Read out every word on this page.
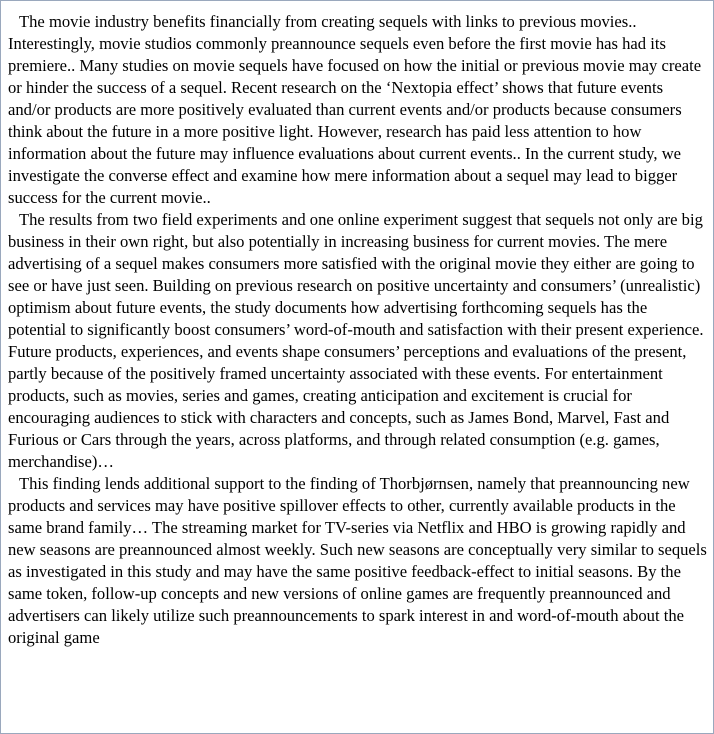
The movie industry benefits financially from creating sequels with links to previous movies.. Interestingly, movie studios commonly preannounce sequels even before the first movie has had its premiere.. Many studies on movie sequels have focused on how the initial or previous movie may create or hinder the success of a sequel. Recent research on the ‘Nextopia effect’ shows that future events and/or products are more positively evaluated than current events and/or products because consumers think about the future in a more positive light. However, research has paid less attention to how information about the future may influence evaluations about current events.. In the current study, we investigate the converse effect and examine how mere information about a sequel may lead to bigger success for the current movie..

The results from two field experiments and one online experiment suggest that sequels not only are big business in their own right, but also potentially in increasing business for current movies. The mere advertising of a sequel makes consumers more satisfied with the original movie they either are going to see or have just seen. Building on previous research on positive uncertainty and consumers’ (unrealistic) optimism about future events, the study documents how advertising forthcoming sequels has the potential to significantly boost consumers’ word-of-mouth and satisfaction with their present experience. Future products, experiences, and events shape consumers’ perceptions and evaluations of the present, partly because of the positively framed uncertainty associated with these events. For entertainment products, such as movies, series and games, creating anticipation and excitement is crucial for encouraging audiences to stick with characters and concepts, such as James Bond, Marvel, Fast and Furious or Cars through the years, across platforms, and through related consumption (e.g. games, merchandise)…

This finding lends additional support to the finding of Thorbjørnsen, namely that preannouncing new products and services may have positive spillover effects to other, currently available products in the same brand family… The streaming market for TV-series via Netflix and HBO is growing rapidly and new seasons are preannounced almost weekly. Such new seasons are conceptually very similar to sequels as investigated in this study and may have the same positive feedback-effect to initial seasons. By the same token, follow-up concepts and new versions of online games are frequently preannounced and advertisers can likely utilize such preannouncements to spark interest in and word-of-mouth about the original game
